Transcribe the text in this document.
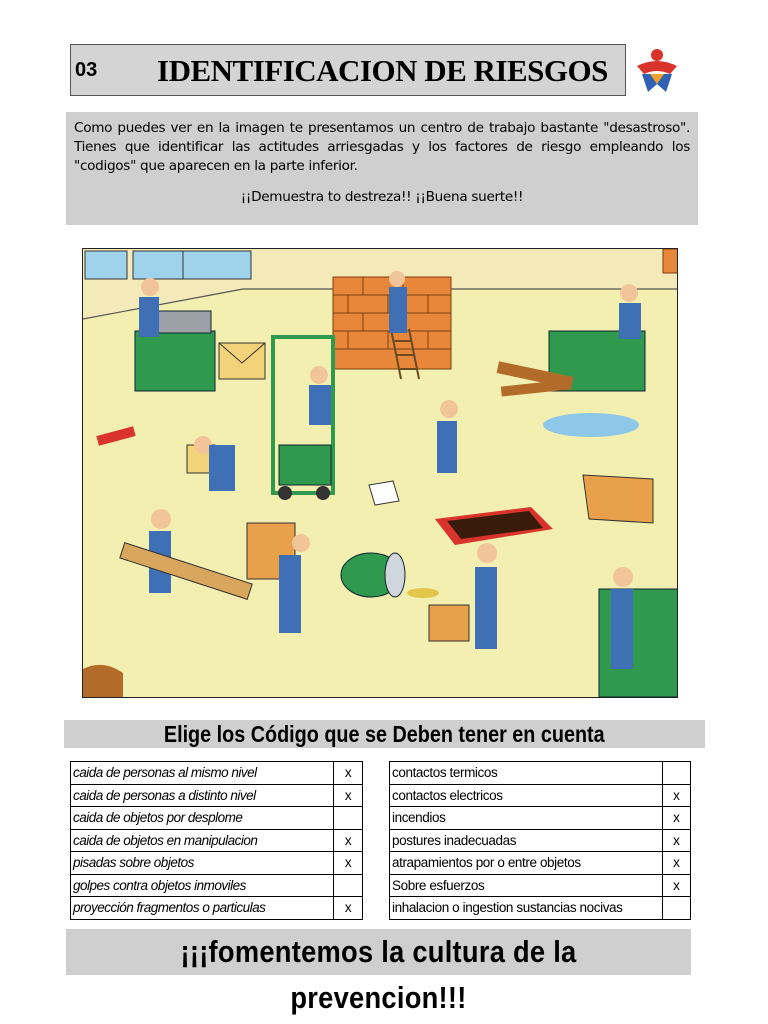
03 IDENTIFICACION DE RIESGOS
Como puedes ver en la imagen te presentamos un centro de trabajo bastante "desastroso". Tienes que identificar las actitudes arriesgadas y los factores de riesgo empleando los "codigos" que aparecen en la parte inferior.
¡¡Demuestra to destreza!! ¡¡Buena suerte!!
Elige los Código que se Deben tener en cuenta
caida de personas al mismo nivel	x
caida de personas a distinto nivel	x
caida de objetos por desplome	
caida de objetos en manipulacion	x
pisadas sobre objetos	x
golpes contra objetos inmoviles	
proyección fragmentos o particulas	x
contactos termicos	
contactos electricos	x
incendios	x
postures inadecuadas	x
atrapamientos por o entre objetos	x
Sobre esfuerzos	x
inhalacion o ingestion sustancias nocivas	
¡¡¡fomentemos la cultura de la prevencion!!!
